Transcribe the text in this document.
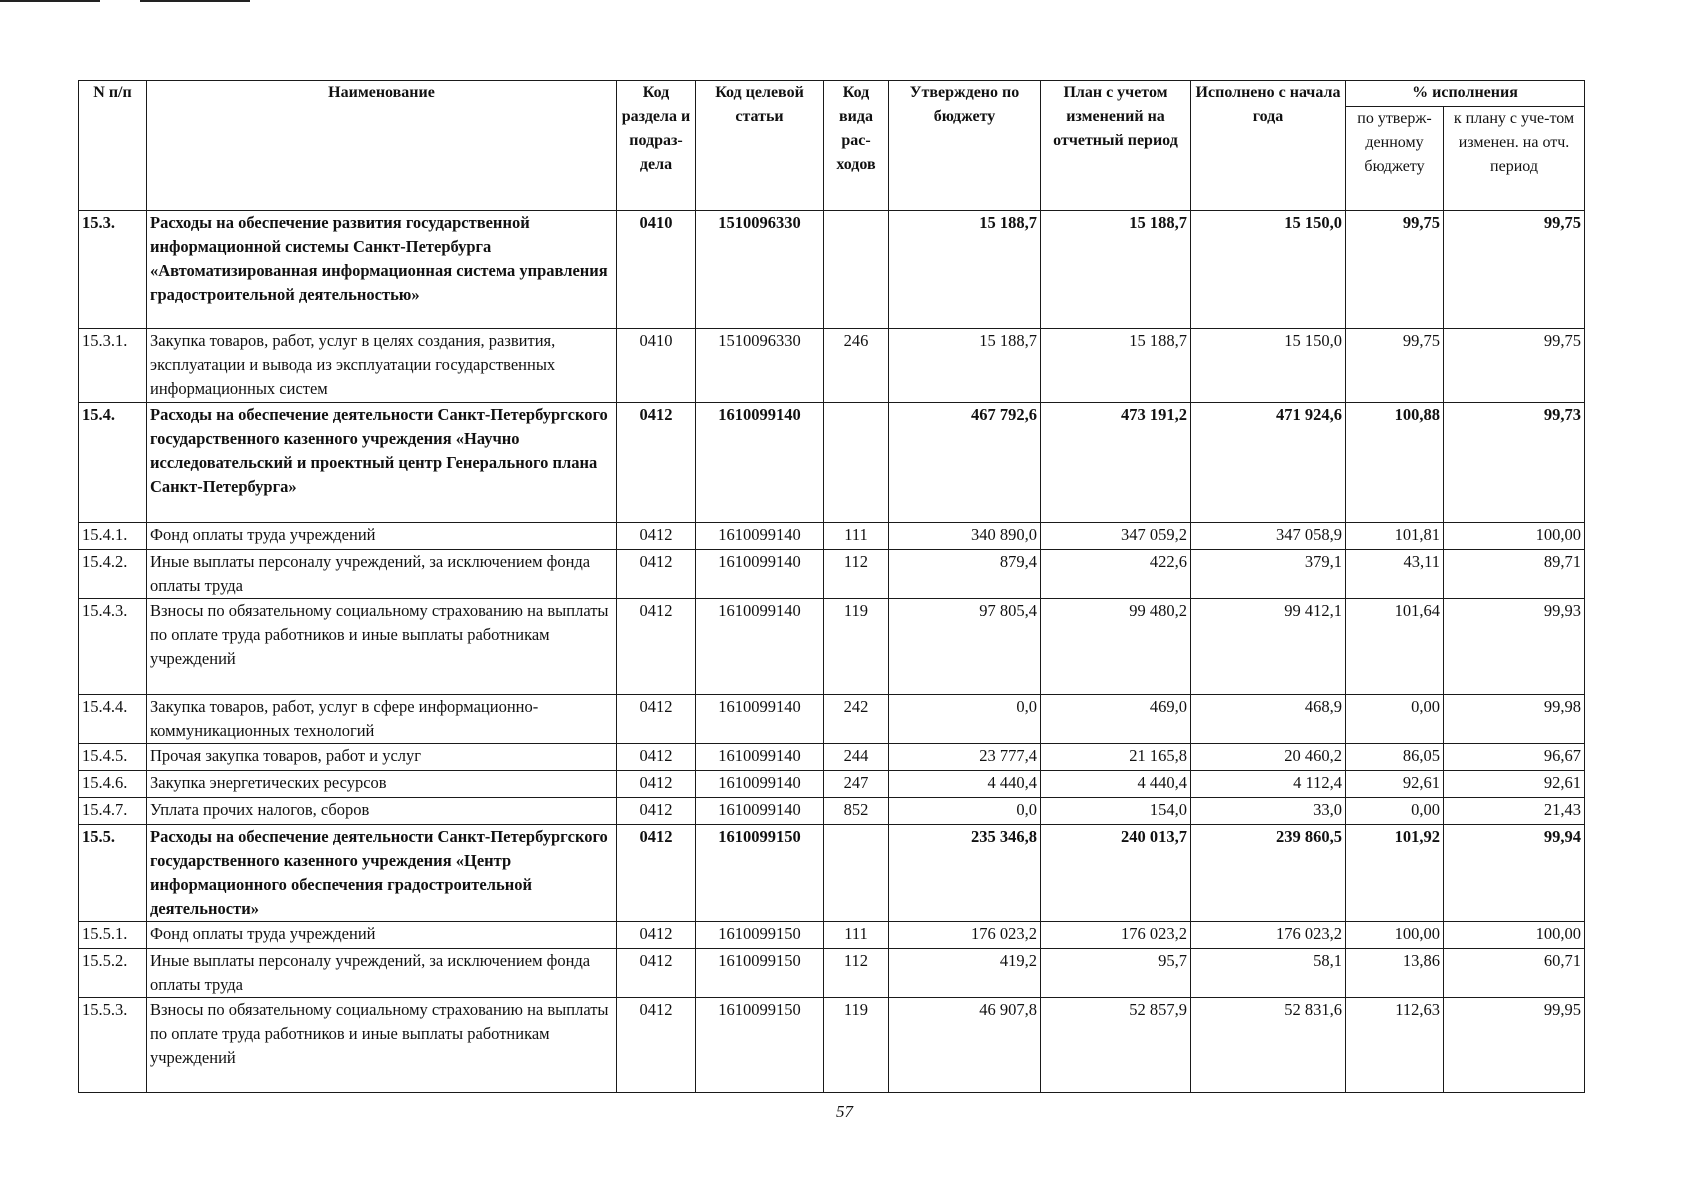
N п/п	Наименование	Код раздела и подраз-дела	Код целевой статьи	Код вида рас-ходов	Утверждено по бюджету	План с учетом изменений на отчетный период	Исполнено с начала года	% исполнения	
								по утверж-денному бюджету	к плану с уче-том изменен. на отч. период
15.3.	Расходы на обеспечение развития государственной информационной системы Санкт-Петербурга «Автоматизированная информационная система управления градостроительной деятельностью»	0410	1510096330		15 188,7	15 188,7	15 150,0	99,75	99,75
15.3.1.	Закупка товаров, работ, услуг в целях создания, развития, эксплуатации и вывода из эксплуатации государственных информационных систем	0410	1510096330	246	15 188,7	15 188,7	15 150,0	99,75	99,75
15.4.	Расходы на обеспечение деятельности Санкт-Петербургского государственного казенного учреждения «Научно исследовательский и проектный центр Генерального плана Санкт-Петербурга»	0412	1610099140		467 792,6	473 191,2	471 924,6	100,88	99,73
15.4.1.	Фонд оплаты труда учреждений	0412	1610099140	111	340 890,0	347 059,2	347 058,9	101,81	100,00
15.4.2.	Иные выплаты персоналу учреждений, за исключением фонда оплаты труда	0412	1610099140	112	879,4	422,6	379,1	43,11	89,71
15.4.3.	Взносы по обязательному социальному страхованию на выплаты по оплате труда работников и иные выплаты работникам учреждений	0412	1610099140	119	97 805,4	99 480,2	99 412,1	101,64	99,93
15.4.4.	Закупка товаров, работ, услуг в сфере информационно-коммуникационных технологий	0412	1610099140	242	0,0	469,0	468,9	0,00	99,98
15.4.5.	Прочая закупка товаров, работ и услуг	0412	1610099140	244	23 777,4	21 165,8	20 460,2	86,05	96,67
15.4.6.	Закупка энергетических ресурсов	0412	1610099140	247	4 440,4	4 440,4	4 112,4	92,61	92,61
15.4.7.	Уплата прочих налогов, сборов	0412	1610099140	852	0,0	154,0	33,0	0,00	21,43
15.5.	Расходы на обеспечение деятельности Санкт-Петербургского государственного казенного учреждения «Центр информационного обеспечения градостроительной деятельности»	0412	1610099150		235 346,8	240 013,7	239 860,5	101,92	99,94
15.5.1.	Фонд оплаты труда учреждений	0412	1610099150	111	176 023,2	176 023,2	176 023,2	100,00	100,00
15.5.2.	Иные выплаты персоналу учреждений, за исключением фонда оплаты труда	0412	1610099150	112	419,2	95,7	58,1	13,86	60,71
15.5.3.	Взносы по обязательному социальному страхованию на выплаты по оплате труда работников и иные выплаты работникам учреждений	0412	1610099150	119	46 907,8	52 857,9	52 831,6	112,63	99,95
57
